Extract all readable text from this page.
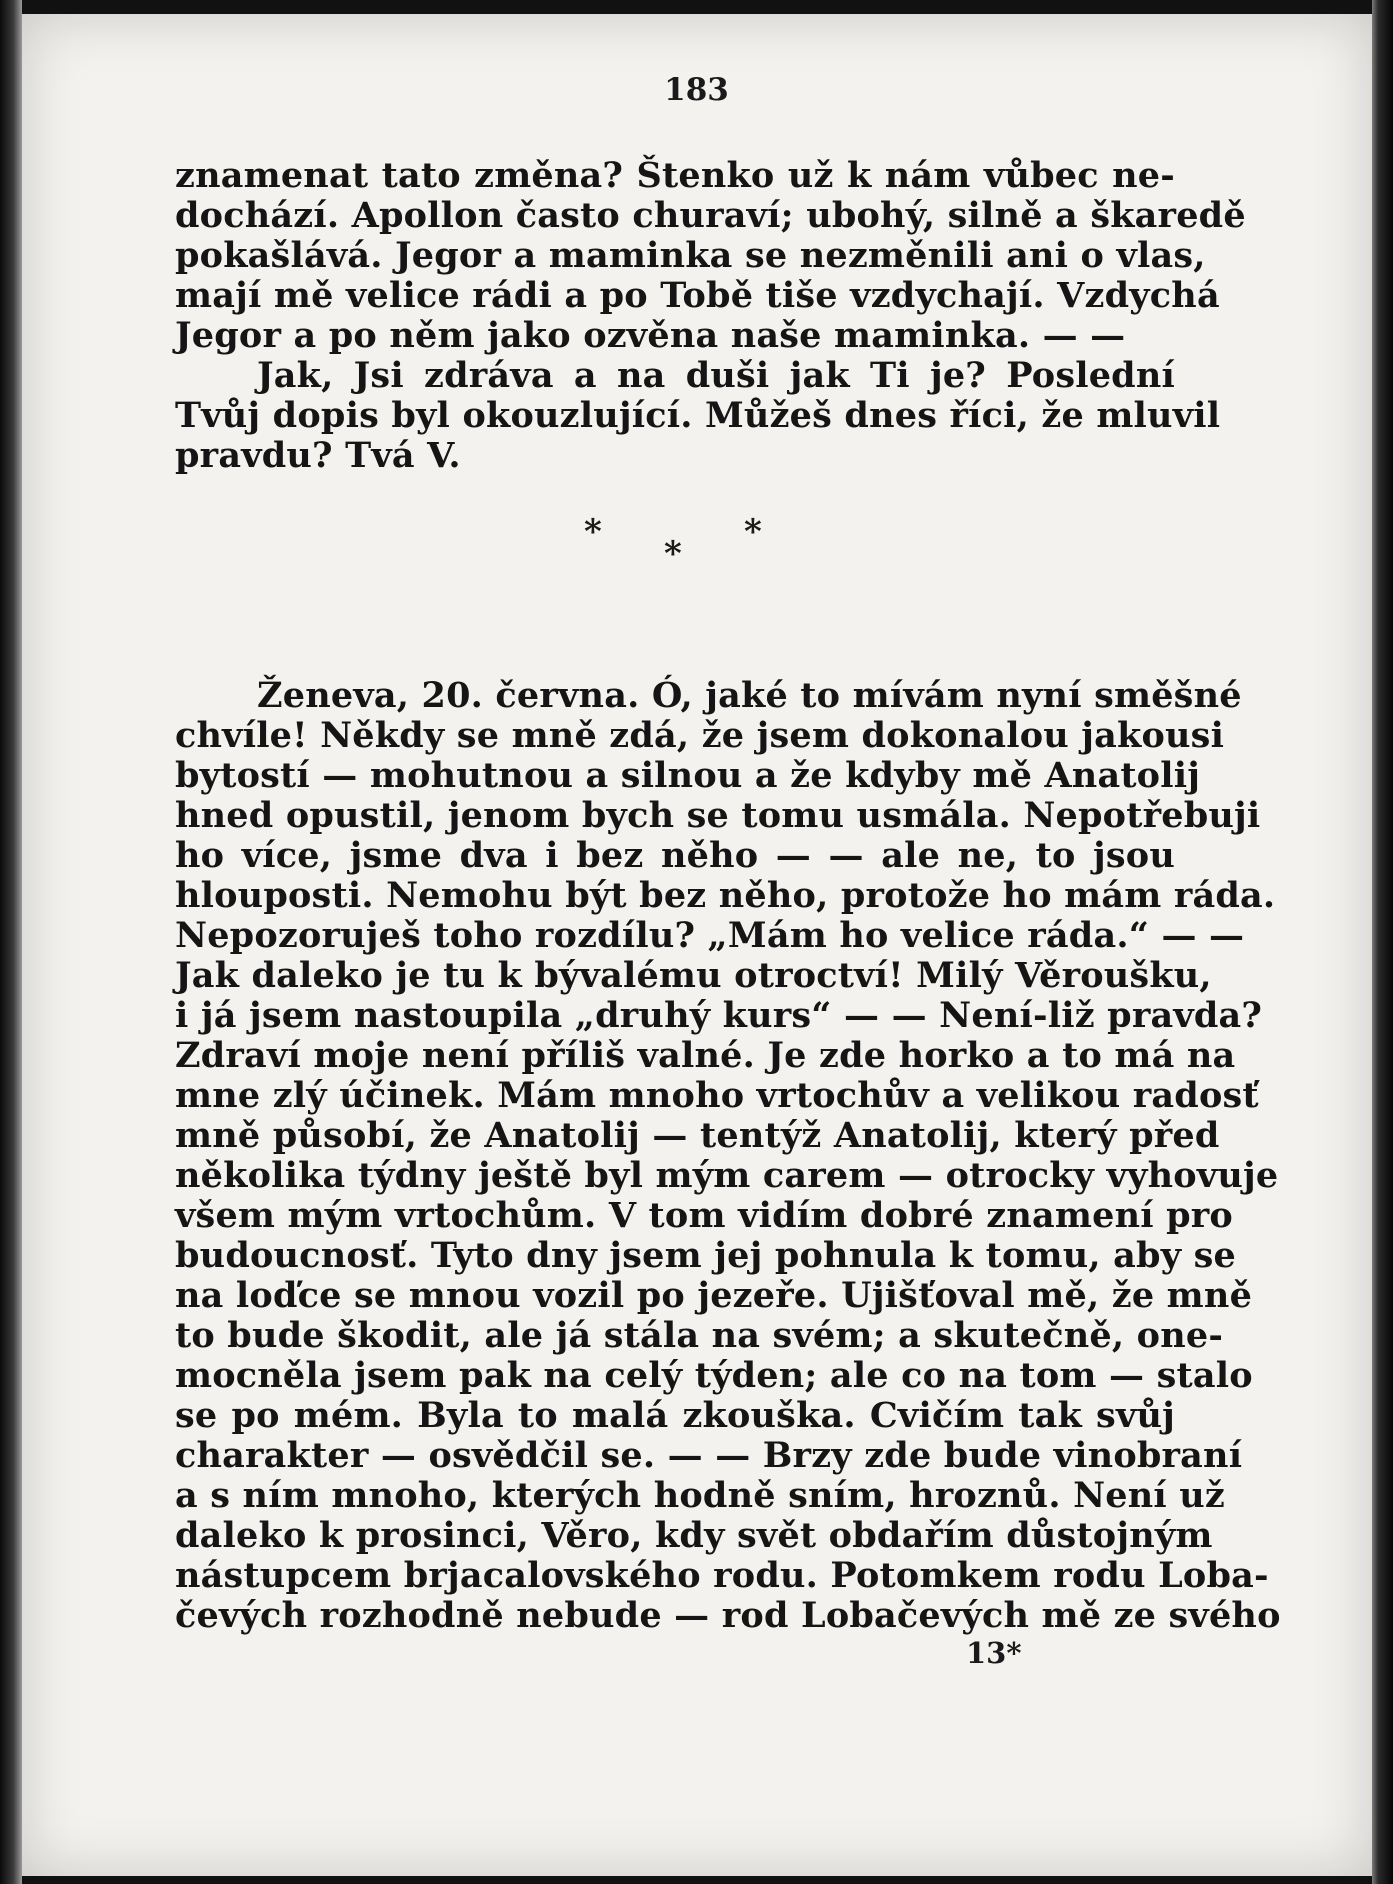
183
znamenat tato změna? Štenko už k nám vůbec ne-
dochází. Apollon často churaví; ubohý, silně a škaredě
pokašlává. Jegor a maminka se nezměnili ani o vlas,
mají mě velice rádi a po Tobě tiše vzdychají. Vzdychá
Jegor a po něm jako ozvěna naše maminka. — —
Jak, Jsi zdráva a na duši jak Ti je? Poslední
Tvůj dopis byl okouzlující. Můžeš dnes říci, že mluvil
pravdu? Tvá V.
Ženeva, 20. června. Ó, jaké to mívám nyní směšné
chvíle! Někdy se mně zdá, že jsem dokonalou jakousi
bytostí — mohutnou a silnou a že kdyby mě Anatolij
hned opustil, jenom bych se tomu usmála. Nepotřebuji
ho více, jsme dva i bez něho — — ale ne, to jsou
hlouposti. Nemohu být bez něho, protože ho mám ráda.
Nepozoruješ toho rozdílu? „Mám ho velice ráda.“ — —
Jak daleko je tu k bývalému otroctví! Milý Věroušku,
i já jsem nastoupila „druhý kurs“ — — Není-liž pravda?
Zdraví moje není příliš valné. Je zde horko a to má na
mne zlý účinek. Mám mnoho vrtochův a velikou radosť
mně působí, že Anatolij — tentýž Anatolij, který před
několika týdny ještě byl mým carem — otrocky vyhovuje
všem mým vrtochům. V tom vidím dobré znamení pro
budoucnosť. Tyto dny jsem jej pohnula k tomu, aby se
na loďce se mnou vozil po jezeře. Ujišťoval mě, že mně
to bude škodit, ale já stála na svém; a skutečně, one-
mocněla jsem pak na celý týden; ale co na tom — stalo
se po mém. Byla to malá zkouška. Cvičím tak svůj
charakter — osvědčil se. — — Brzy zde bude vinobraní
a s ním mnoho, kterých hodně sním, hroznů. Není už
daleko k prosinci, Věro, kdy svět obdařím důstojným
nástupcem brjacalovského rodu. Potomkem rodu Loba-
čevých rozhodně nebude — rod Lobačevých mě ze svého
*	*
*
13*
